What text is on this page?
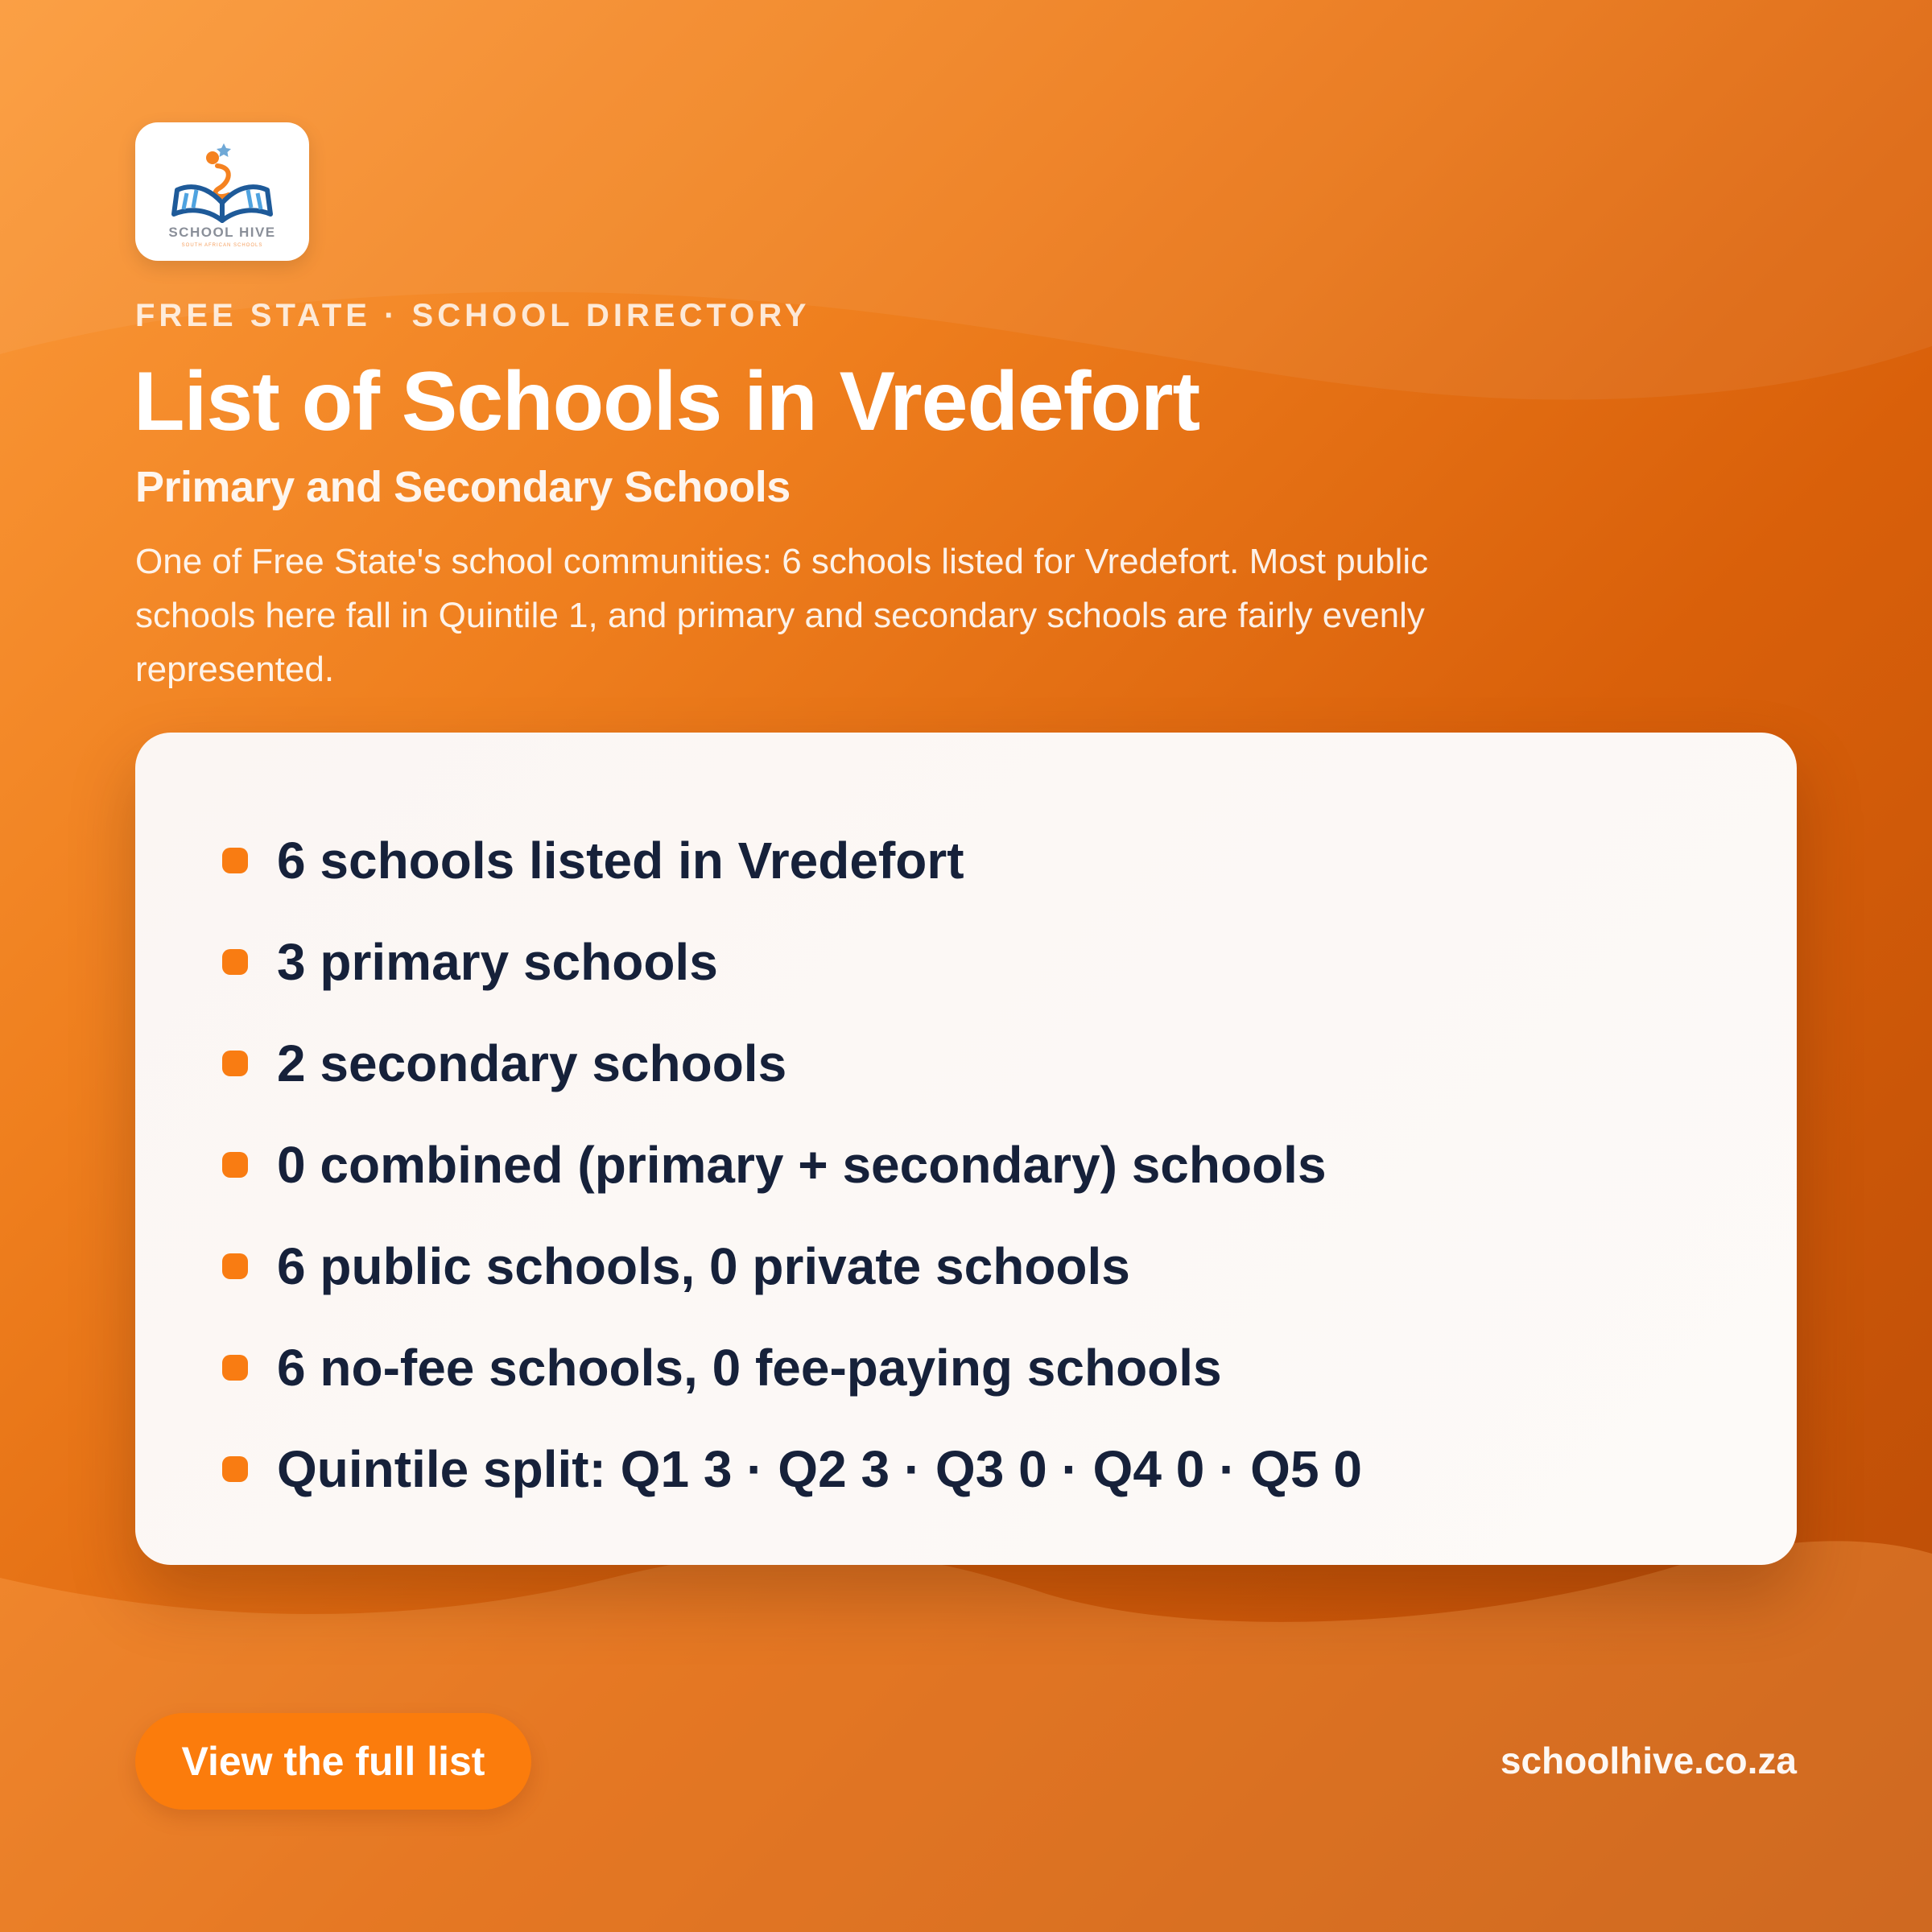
SCHOOL HIVE
SOUTH AFRICAN SCHOOLS
FREE STATE · SCHOOL DIRECTORY
List of Schools in Vredefort
Primary and Secondary Schools

One of Free State's school communities: 6 schools listed for Vredefort. Most public schools here fall in Quintile 1, and primary and secondary schools are fairly evenly represented.

6 schools listed in Vredefort
3 primary schools
2 secondary schools
0 combined (primary + secondary) schools
6 public schools, 0 private schools
6 no-fee schools, 0 fee-paying schools
Quintile split: Q1 3 · Q2 3 · Q3 0 · Q4 0 · Q5 0
View the full list	schoolhive.co.za
